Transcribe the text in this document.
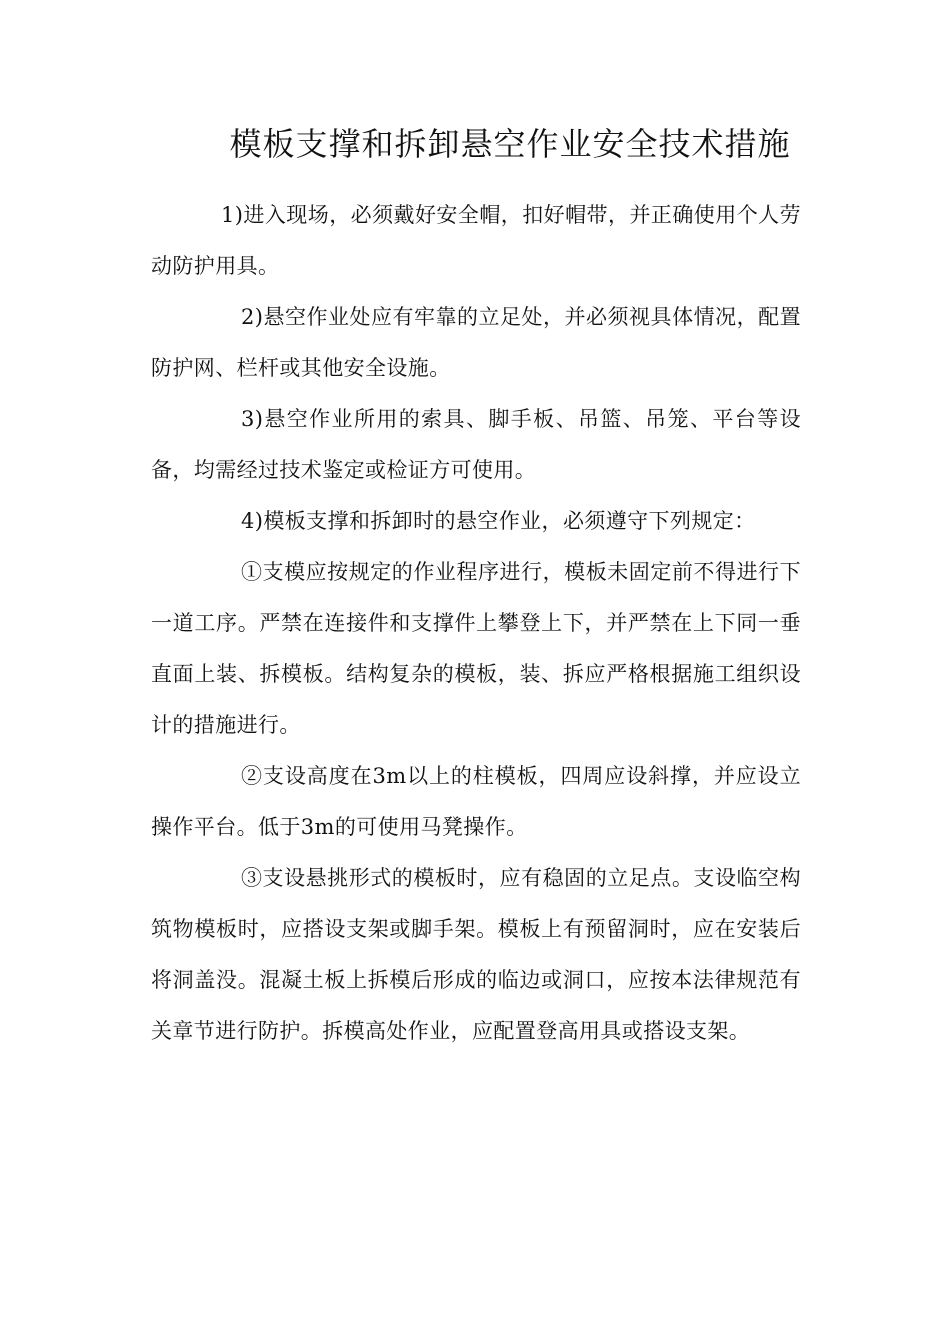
模板支撑和拆卸悬空作业安全技术措施

1)进入现场，必须戴好安全帽，扣好帽带，并正确使用个人劳动防护用具。

2)悬空作业处应有牢靠的立足处，并必须视具体情况，配置防护网、栏杆或其他安全设施。

3)悬空作业所用的索具、脚手板、吊篮、吊笼、平台等设备，均需经过技术鉴定或检证方可使用。

4)模板支撑和拆卸时的悬空作业，必须遵守下列规定：

①支模应按规定的作业程序进行，模板未固定前不得进行下一道工序。严禁在连接件和支撑件上攀登上下，并严禁在上下同一垂直面上装、拆模板。结构复杂的模板，装、拆应严格根据施工组织设计的措施进行。

②支设高度在3m以上的柱模板，四周应设斜撑，并应设立操作平台。低于3m的可使用马凳操作。

③支设悬挑形式的模板时，应有稳固的立足点。支设临空构筑物模板时，应搭设支架或脚手架。模板上有预留洞时，应在安装后将洞盖没。混凝土板上拆模后形成的临边或洞口，应按本法律规范有关章节进行防护。拆模高处作业，应配置登高用具或搭设支架。
